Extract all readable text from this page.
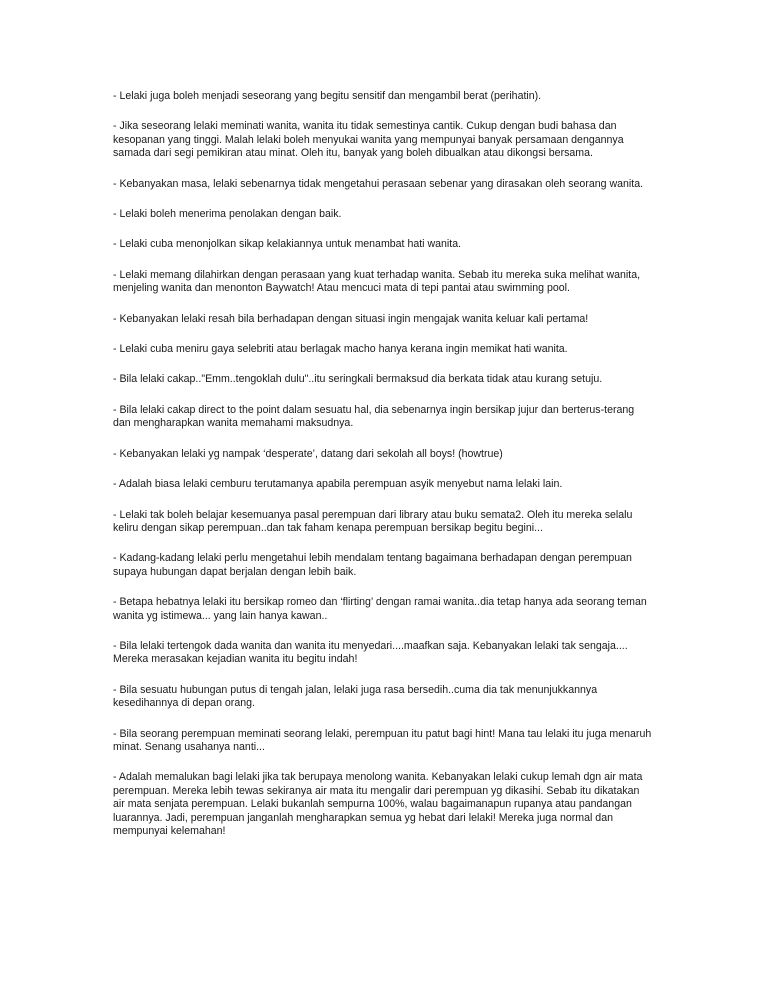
- Lelaki juga boleh menjadi seseorang yang begitu sensitif dan mengambil berat (perihatin).

- Jika seseorang lelaki meminati wanita, wanita itu tidak semestinya cantik. Cukup dengan budi bahasa dan kesopanan yang tinggi. Malah lelaki boleh menyukai wanita yang mempunyai banyak persamaan dengannya samada dari segi pemikiran atau minat. Oleh itu, banyak yang boleh dibualkan atau dikongsi bersama.

- Kebanyakan masa, lelaki sebenarnya tidak mengetahui perasaan sebenar yang dirasakan oleh seorang wanita.

- Lelaki boleh menerima penolakan dengan baik.

- Lelaki cuba menonjolkan sikap kelakiannya untuk menambat hati wanita.

- Lelaki memang dilahirkan dengan perasaan yang kuat terhadap wanita. Sebab itu mereka suka melihat wanita, menjeling wanita dan menonton Baywatch! Atau mencuci mata di tepi pantai atau swimming pool.

- Kebanyakan lelaki resah bila berhadapan dengan situasi ingin mengajak wanita keluar kali pertama!

- Lelaki cuba meniru gaya selebriti atau berlagak macho hanya kerana ingin memikat hati wanita.

- Bila lelaki cakap.."Emm..tengoklah dulu"..itu seringkali bermaksud dia berkata tidak atau kurang setuju.

- Bila lelaki cakap direct to the point dalam sesuatu hal, dia sebenarnya ingin bersikap jujur dan berterus-terang dan mengharapkan wanita memahami maksudnya.

- Kebanyakan lelaki yg nampak ‘desperate’, datang dari sekolah all boys! (howtrue)

- Adalah biasa lelaki cemburu terutamanya apabila perempuan asyik menyebut nama lelaki lain.

- Lelaki tak boleh belajar kesemuanya pasal perempuan dari library atau buku semata2. Oleh itu mereka selalu keliru dengan sikap perempuan..dan tak faham kenapa perempuan bersikap begitu begini...

- Kadang-kadang lelaki perlu mengetahui lebih mendalam tentang bagaimana berhadapan dengan perempuan supaya hubungan dapat berjalan dengan lebih baik.

- Betapa hebatnya lelaki itu bersikap romeo dan ‘flirting’ dengan ramai wanita..dia tetap hanya ada seorang teman wanita yg istimewa... yang lain hanya kawan..

- Bila lelaki tertengok dada wanita dan wanita itu menyedari....maafkan saja. Kebanyakan lelaki tak sengaja.... Mereka merasakan kejadian wanita itu begitu indah!

- Bila sesuatu hubungan putus di tengah jalan, lelaki juga rasa bersedih..cuma dia tak menunjukkannya kesedihannya di depan orang.

- Bila seorang perempuan meminati seorang lelaki, perempuan itu patut bagi hint! Mana tau lelaki itu juga menaruh minat. Senang usahanya nanti...

- Adalah memalukan bagi lelaki jika tak berupaya menolong wanita. Kebanyakan lelaki cukup lemah dgn air mata perempuan. Mereka lebih tewas sekiranya air mata itu mengalir dari perempuan yg dikasihi. Sebab itu dikatakan air mata senjata perempuan. Lelaki bukanlah sempurna 100%, walau bagaimanapun rupanya atau pandangan luarannya. Jadi, perempuan janganlah mengharapkan semua yg hebat dari lelaki! Mereka juga normal dan mempunyai kelemahan!
